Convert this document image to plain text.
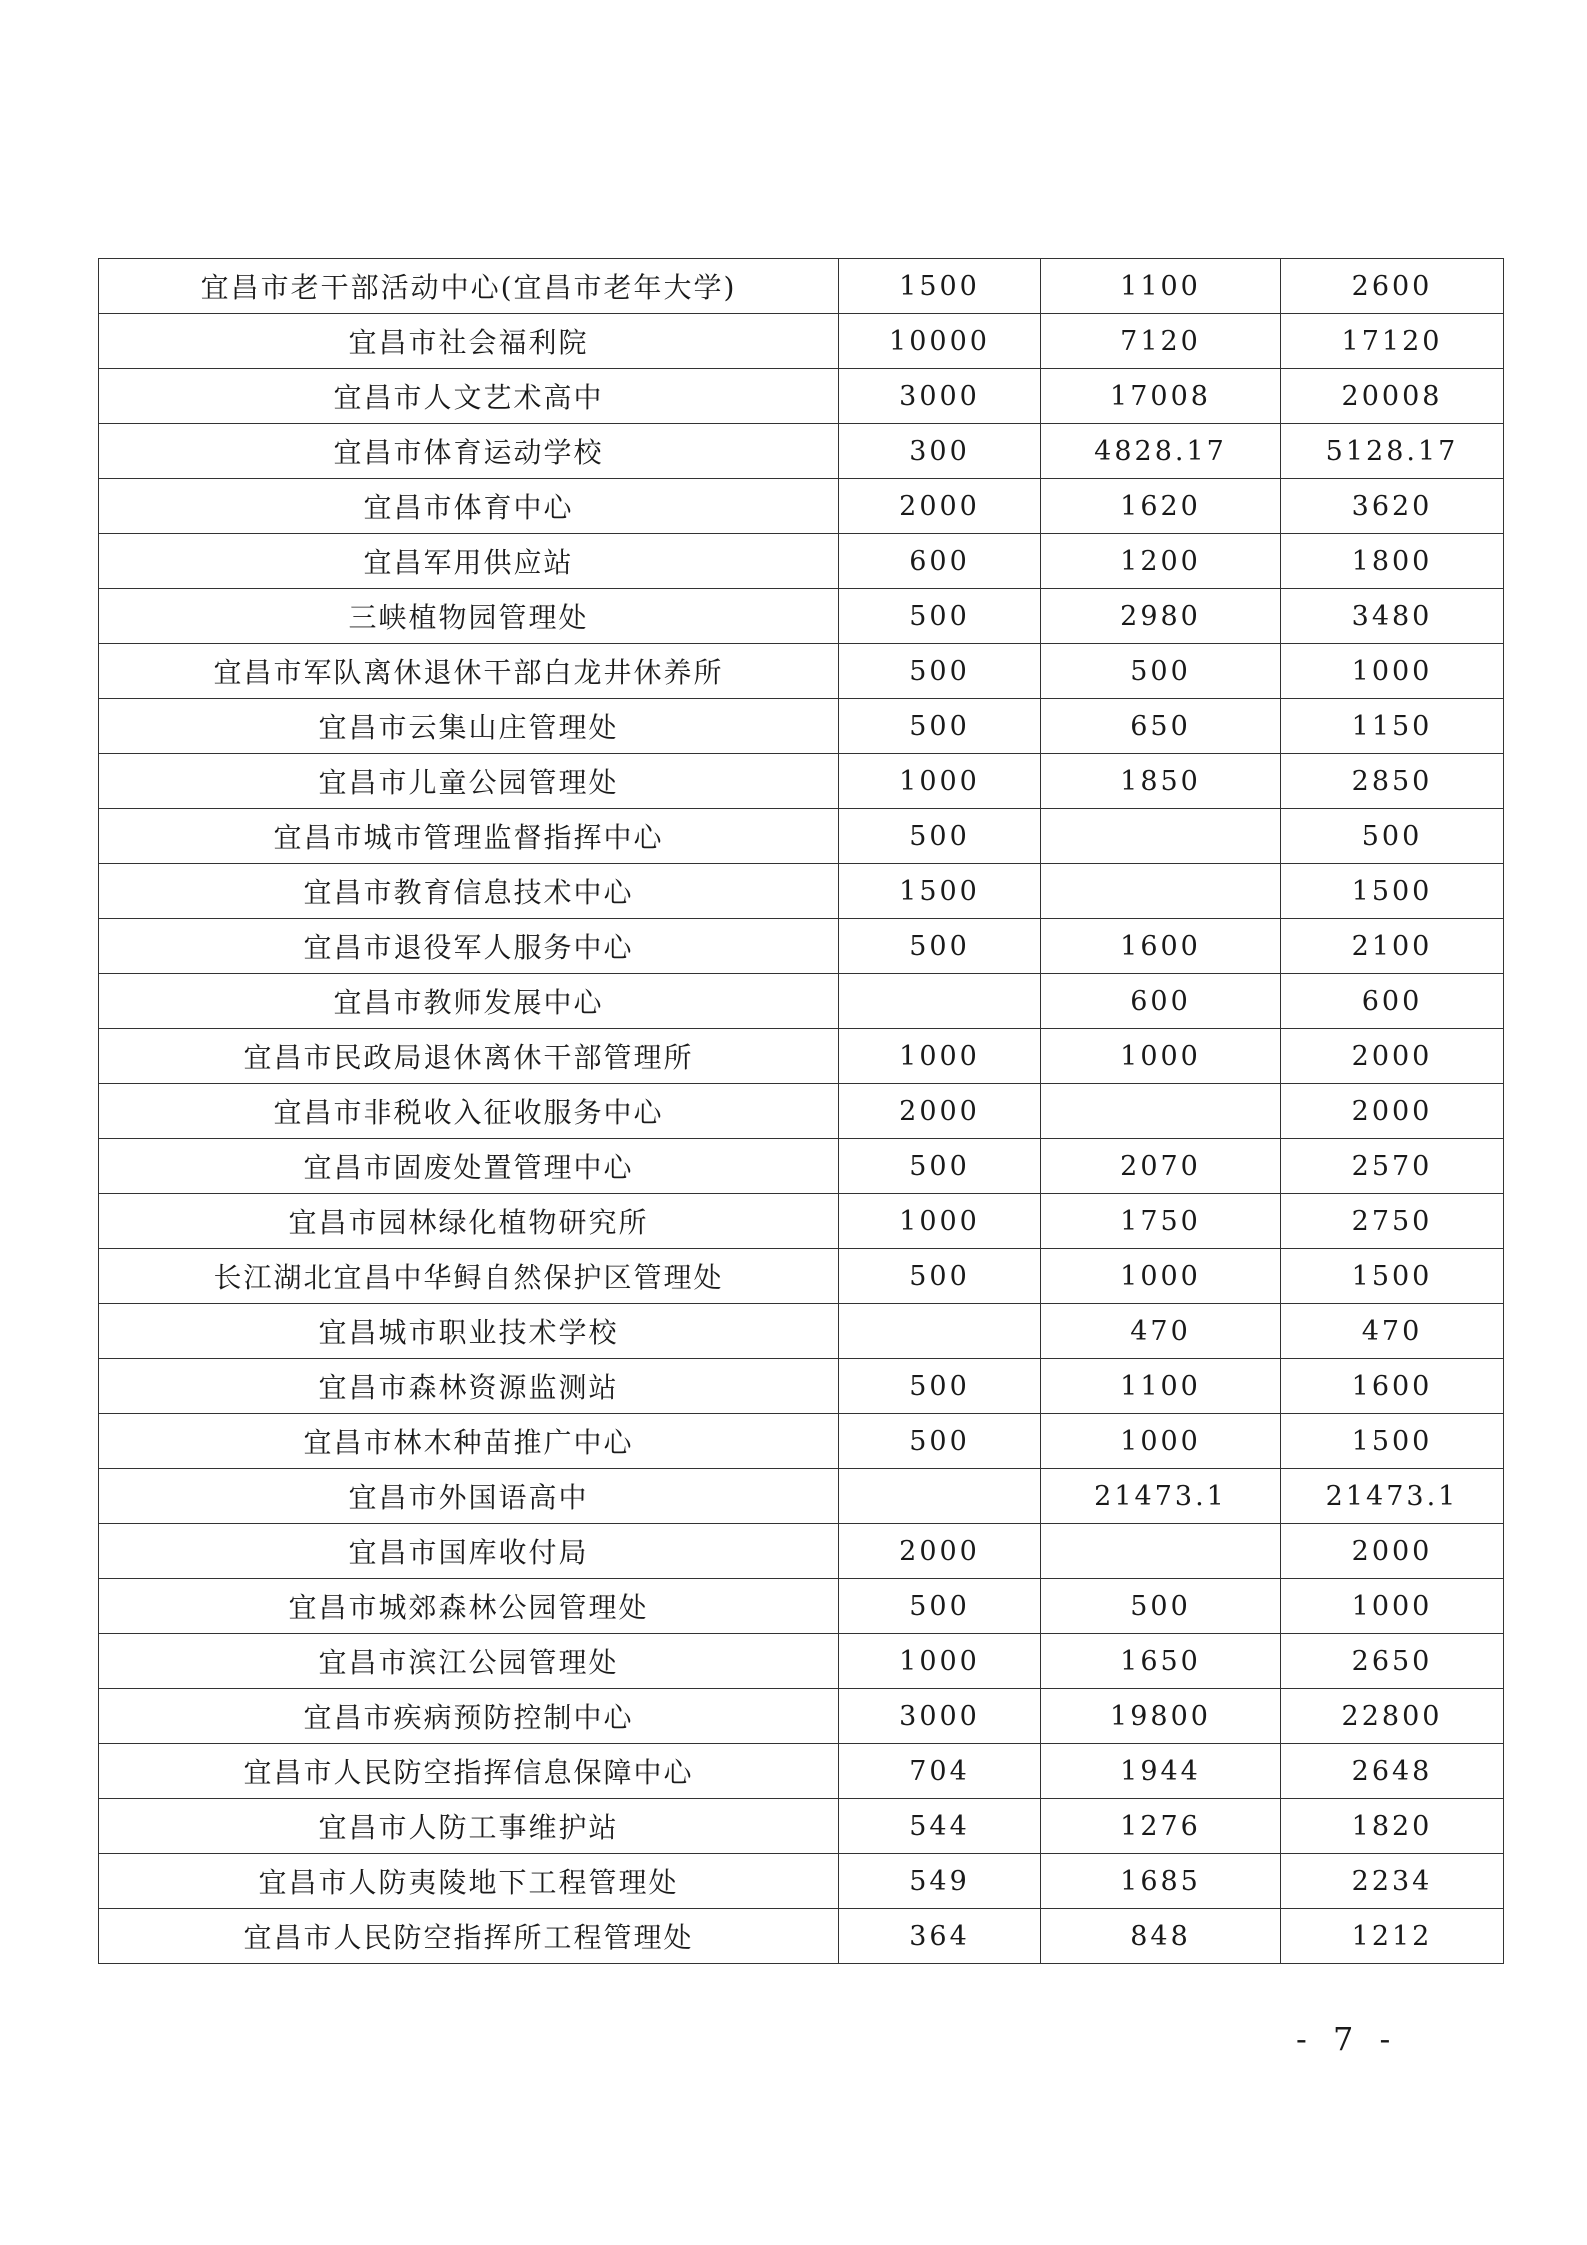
宜昌市老干部活动中心(宜昌市老年大学)	1500	1100	2600
宜昌市社会福利院	10000	7120	17120
宜昌市人文艺术高中	3000	17008	20008
宜昌市体育运动学校	300	4828.17	5128.17
宜昌市体育中心	2000	1620	3620
宜昌军用供应站	600	1200	1800
三峡植物园管理处	500	2980	3480
宜昌市军队离休退休干部白龙井休养所	500	500	1000
宜昌市云集山庄管理处	500	650	1150
宜昌市儿童公园管理处	1000	1850	2850
宜昌市城市管理监督指挥中心	500		500
宜昌市教育信息技术中心	1500		1500
宜昌市退役军人服务中心	500	1600	2100
宜昌市教师发展中心		600	600
宜昌市民政局退休离休干部管理所	1000	1000	2000
宜昌市非税收入征收服务中心	2000		2000
宜昌市固废处置管理中心	500	2070	2570
宜昌市园林绿化植物研究所	1000	1750	2750
长江湖北宜昌中华鲟自然保护区管理处	500	1000	1500
宜昌城市职业技术学校		470	470
宜昌市森林资源监测站	500	1100	1600
宜昌市林木种苗推广中心	500	1000	1500
宜昌市外国语高中		21473.1	21473.1
宜昌市国库收付局	2000		2000
宜昌市城郊森林公园管理处	500	500	1000
宜昌市滨江公园管理处	1000	1650	2650
宜昌市疾病预防控制中心	3000	19800	22800
宜昌市人民防空指挥信息保障中心	704	1944	2648
宜昌市人防工事维护站	544	1276	1820
宜昌市人防夷陵地下工程管理处	549	1685	2234
宜昌市人民防空指挥所工程管理处	364	848	1212
- 7 -
